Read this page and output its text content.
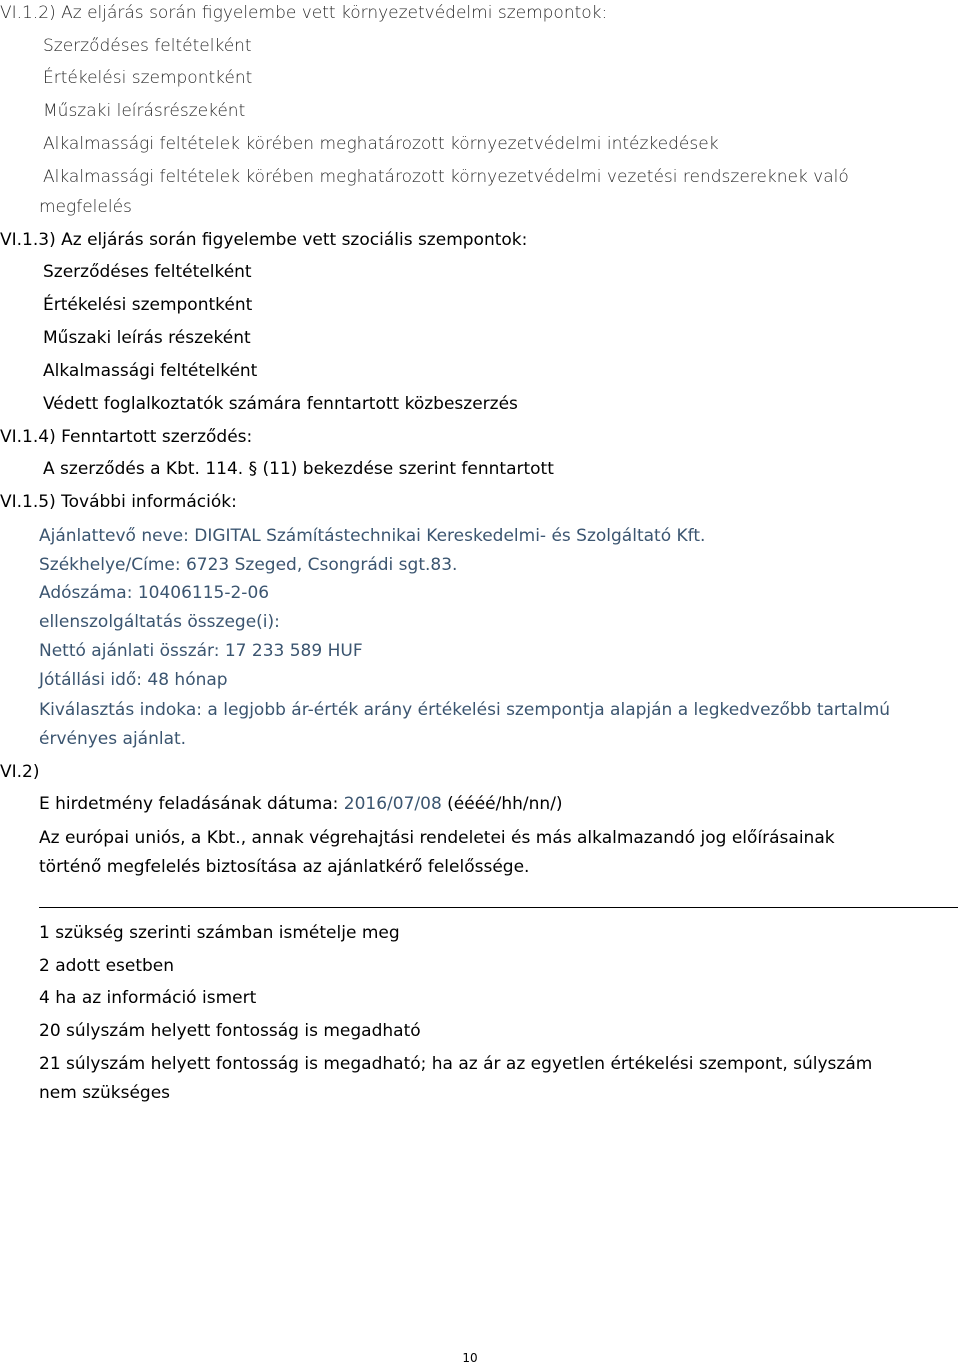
VI.1.2) Az eljárás során figyelembe vett környezetvédelmi szempontok:
Szerződéses feltételként
Értékelési szempontként
Műszaki leírásrészeként
Alkalmassági feltételek körében meghatározott környezetvédelmi intézkedések
Alkalmassági feltételek körében meghatározott környezetvédelmi vezetési rendszereknek való
megfelelés
VI.1.3) Az eljárás során figyelembe vett szociális szempontok:
Szerződéses feltételként
Értékelési szempontként
Műszaki leírás részeként
Alkalmassági feltételként
Védett foglalkoztatók számára fenntartott közbeszerzés
VI.1.4) Fenntartott szerződés:
A szerződés a Kbt. 114. § (11) bekezdése szerint fenntartott
VI.1.5) További információk:
Ajánlattevő neve: DIGITAL Számítástechnikai Kereskedelmi- és Szolgáltató Kft.
Székhelye/Címe: 6723 Szeged, Csongrádi sgt.83.
Adószáma: 10406115-2-06
ellenszolgáltatás összege(i):
Nettó ajánlati összár: 17 233 589 HUF
Jótállási idő: 48 hónap
Kiválasztás indoka: a legjobb ár-érték arány értékelési szempontja alapján a legkedvezőbb tartalmú
érvényes ajánlat.
VI.2)
E hirdetmény feladásának dátuma: 2016/07/08 (éééé/hh/nn/)
Az európai uniós, a Kbt., annak végrehajtási rendeletei és más alkalmazandó jog előírásainak
történő megfelelés biztosítása az ajánlatkérő felelőssége.
1 szükség szerinti számban ismételje meg
2 adott esetben
4 ha az információ ismert
20 súlyszám helyett fontosság is megadható
21 súlyszám helyett fontosság is megadható; ha az ár az egyetlen értékelési szempont, súlyszám
nem szükséges
10
